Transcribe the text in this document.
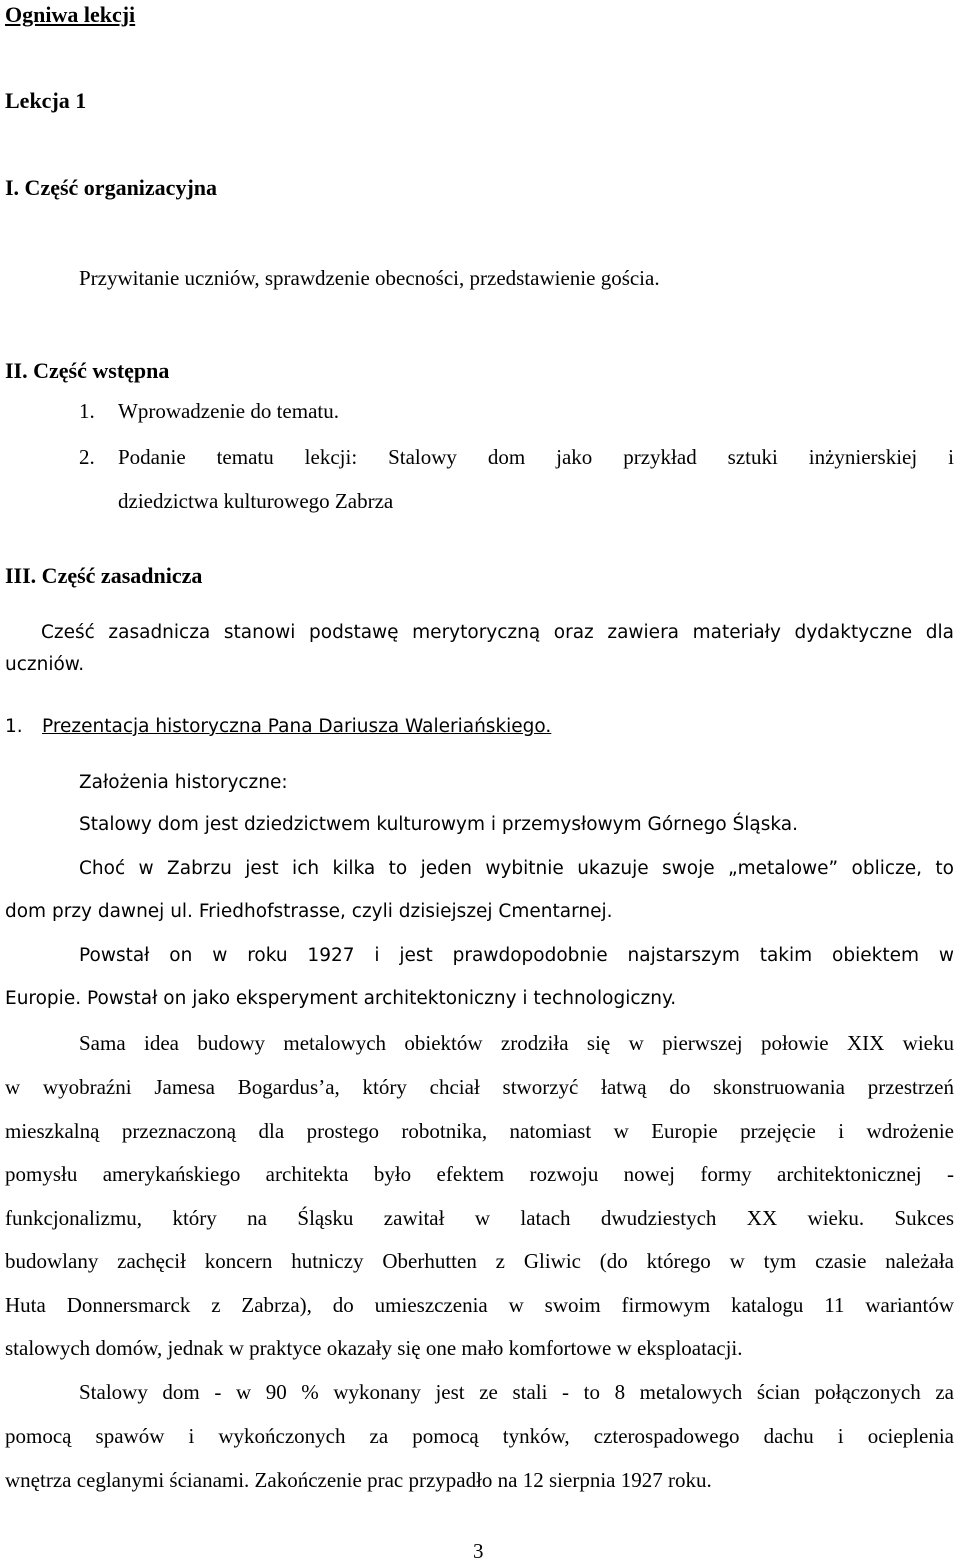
Ogniwa lekcji
Lekcja 1
I. Część organizacyjna
Przywitanie uczniów, sprawdzenie obecności, przedstawienie gościa.
II. Część wstępna
1. Wprowadzenie do tematu.
2. Podanie tematu lekcji: Stalowy dom jako przykład sztuki inżynierskiej i
dziedzictwa kulturowego Zabrza
III. Część zasadnicza
Cześć zasadnicza stanowi podstawę merytoryczną oraz zawiera materiały dydaktyczne dla
uczniów.
1. Prezentacja historyczna Pana Dariusza Waleriańskiego.
Założenia historyczne:
Stalowy dom jest dziedzictwem kulturowym i przemysłowym Górnego Śląska.
Choć w Zabrzu jest ich kilka to jeden wybitnie ukazuje swoje „metalowe” oblicze, to
dom przy dawnej ul. Friedhofstrasse, czyli dzisiejszej Cmentarnej.
Powstał on w roku 1927 i jest prawdopodobnie najstarszym takim obiektem w
Europie. Powstał on jako eksperyment architektoniczny i technologiczny.
Sama idea budowy metalowych obiektów zrodziła się w pierwszej połowie XIX wieku
w wyobraźni Jamesa Bogardus’a, który chciał stworzyć łatwą do skonstruowania przestrzeń
mieszkalną przeznaczoną dla prostego robotnika, natomiast w Europie przejęcie i wdrożenie
pomysłu amerykańskiego architekta było efektem rozwoju nowej formy architektonicznej -
funkcjonalizmu, który na Śląsku zawitał w latach dwudziestych XX wieku. Sukces
budowlany zachęcił koncern hutniczy Oberhutten z Gliwic (do którego w tym czasie należała
Huta Donnersmarck z Zabrza), do umieszczenia w swoim firmowym katalogu 11 wariantów
stalowych domów, jednak w praktyce okazały się one mało komfortowe w eksploatacji.
Stalowy dom - w 90 % wykonany jest ze stali - to 8 metalowych ścian połączonych za
pomocą spawów i wykończonych za pomocą tynków, czterospadowego dachu i ocieplenia
wnętrza ceglanymi ścianami. Zakończenie prac przypadło na 12 sierpnia 1927 roku.
3
